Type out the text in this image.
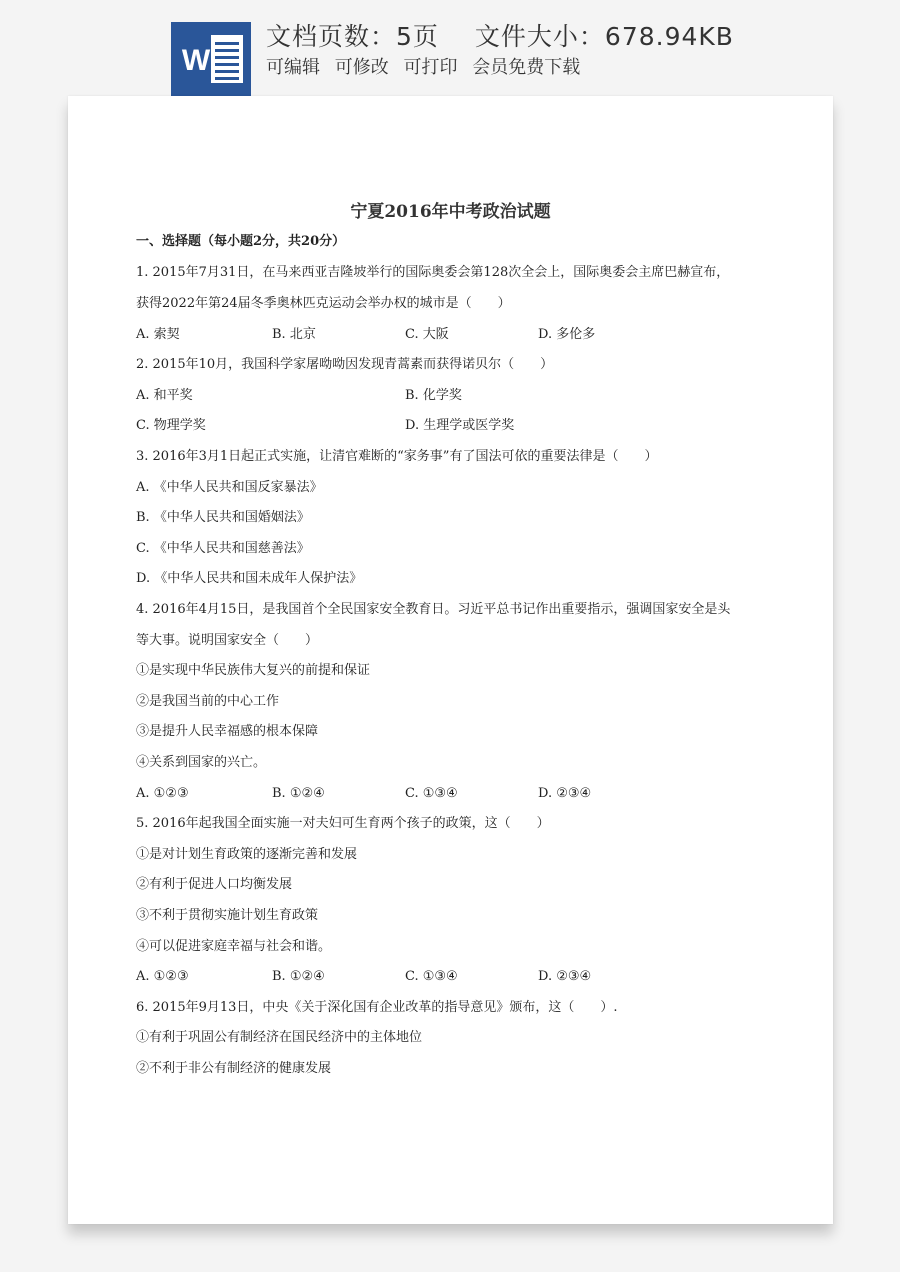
W
文档页数：5页 文件大小：678.94KB
可编辑 可修改 可打印 会员免费下载
宁夏2016年中考政治试题
一、选择题（每小题2分，共20分）
1. 2015年7月31日，在马来西亚吉隆坡举行的国际奥委会第128次全会上，国际奥委会主席巴赫宣布，
获得2022年第24届冬季奥林匹克运动会举办权的城市是（　　）
A. 索契	B. 北京	C. 大阪	D. 多伦多
2. 2015年10月，我国科学家屠呦呦因发现青蒿素而获得诺贝尔（　　）
A. 和平奖	B. 化学奖
C. 物理学奖	D. 生理学或医学奖
3. 2016年3月1日起正式实施，让清官难断的“家务事”有了国法可依的重要法律是（　　）
A. 《中华人民共和国反家暴法》
B. 《中华人民共和国婚姻法》
C. 《中华人民共和国慈善法》
D. 《中华人民共和国未成年人保护法》
4. 2016年4月15日，是我国首个全民国家安全教育日。习近平总书记作出重要指示，强调国家安全是头
等大事。说明国家安全（　　）
①是实现中华民族伟大复兴的前提和保证
②是我国当前的中心工作
③是提升人民幸福感的根本保障
④关系到国家的兴亡。
A. ①②③	B. ①②④	C. ①③④	D. ②③④
5. 2016年起我国全面实施一对夫妇可生育两个孩子的政策，这（　　）
①是对计划生育政策的逐渐完善和发展
②有利于促进人口均衡发展
③不利于贯彻实施计划生育政策
④可以促进家庭幸福与社会和谐。
A. ①②③	B. ①②④	C. ①③④	D. ②③④
6. 2015年9月13日，中央《关于深化国有企业改革的指导意见》颁布，这（　　）.
①有利于巩固公有制经济在国民经济中的主体地位
②不利于非公有制经济的健康发展
